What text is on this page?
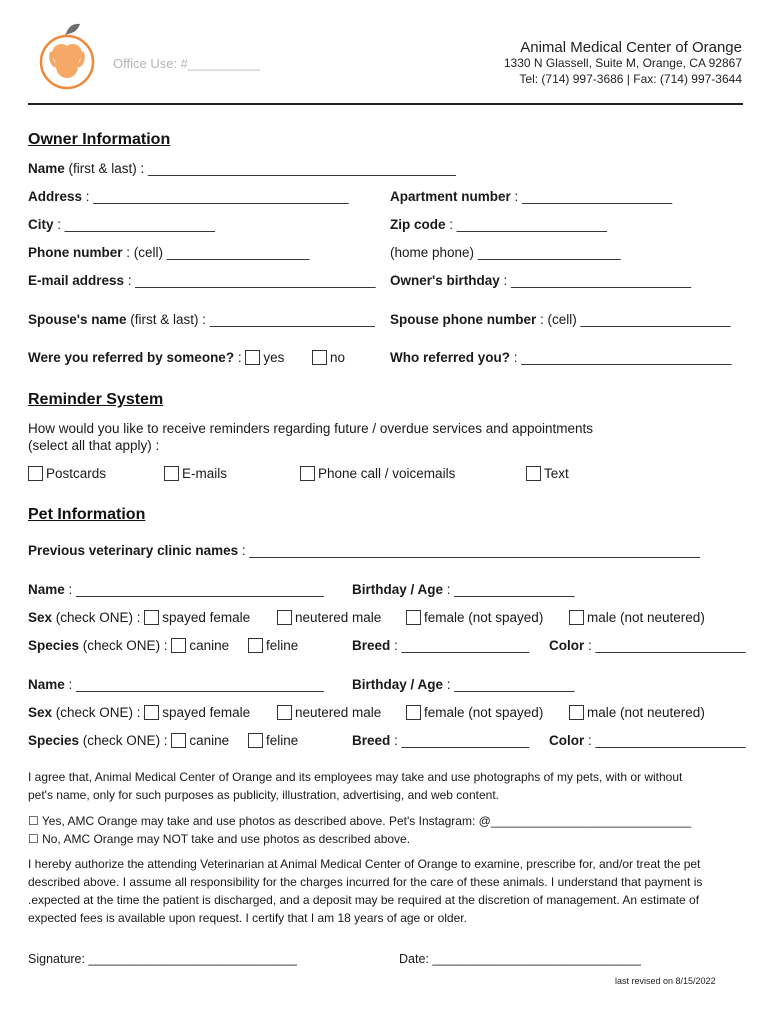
Office Use: #__________
Animal Medical Center of Orange
1330 N Glassell, Suite M, Orange, CA 92867
Tel: (714) 997-3686 | Fax: (714) 997-3644
Owner Information
Name (first & last) : _________________________________________
Address : __________________________________	Apartment number : ____________________
City : ____________________	Zip code : ____________________
Phone number : (cell) ___________________	(home phone) ___________________
E-mail address : ________________________________ Owner's birthday : ________________________
Spouse's name (first & last) : ______________________ Spouse phone number : (cell) ____________________
Were you referred by someone? : yes	no	Who referred you? : ____________________________
Reminder System
How would you like to receive reminders regarding future / overdue services and appointments
(select all that apply) :
Postcards	E-mails	Phone call / voicemails	Text
Pet Information
Previous veterinary clinic names : ____________________________________________________________
Name : _________________________________ Birthday / Age : ________________
Sex (check ONE) : spayed female	neutered male	female (not spayed)	male (not neutered)
Species (check ONE) : canine	feline	Breed : _________________ Color : ____________________
Name : _________________________________ Birthday / Age : ________________
Sex (check ONE) : spayed female	neutered male	female (not spayed)	male (not neutered)
Species (check ONE) : canine	feline	Breed : _________________ Color : ____________________
I agree that, Animal Medical Center of Orange and its employees may take and use photographs of my pets, with or without
pet's name, only for such purposes as publicity, illustration, advertising, and web content.
☐ Yes, AMC Orange may take and use photos as described above. Pet's Instagram: @______________________________
☐ No, AMC Orange may NOT take and use photos as described above.
I hereby authorize the attending Veterinarian at Animal Medical Center of Orange to examine, prescribe for, and/or treat the pet
described above. I assume all responsibility for the charges incurred for the care of these animals. I understand that payment is
.expected at the time the patient is discharged, and a deposit may be required at the discretion of management. An estimate of
expected fees is available upon request. I certify that I am 18 years of age or older.
Signature: ______________________________	Date: ______________________________
last revised on 8/15/2022
